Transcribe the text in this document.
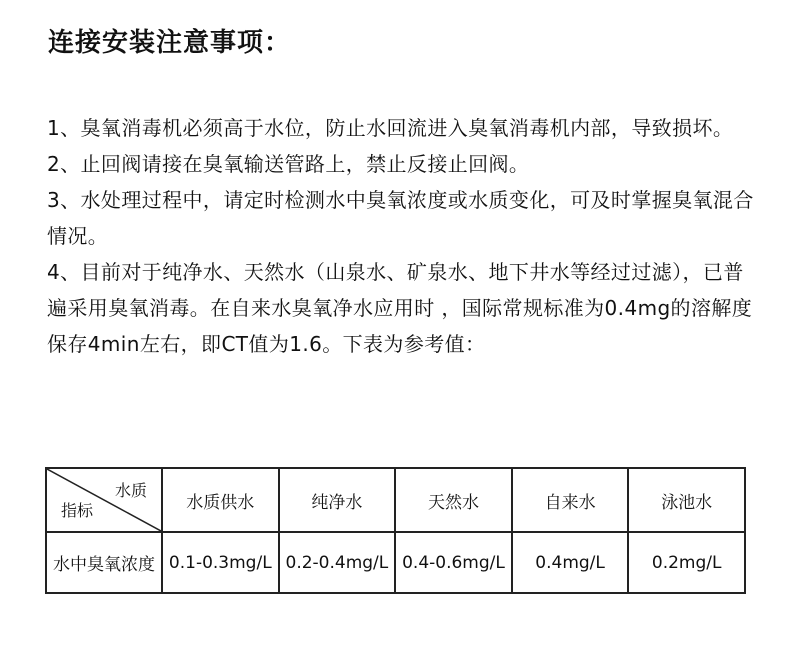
连接安装注意事项：
1、臭氧消毒机必须高于水位，防止水回流进入臭氧消毒机内部，导致损坏。
2、止回阀请接在臭氧输送管路上，禁止反接止回阀。
3、水处理过程中，请定时检测水中臭氧浓度或水质变化，可及时掌握臭氧混合情况。
4、目前对于纯净水、天然水（山泉水、矿泉水、地下井水等经过过滤），已普遍采用臭氧消毒。在自来水臭氧净水应用时 ，国际常规标准为0.4mg的溶解度保存4min左右，即CT值为1.6。下表为参考值：
水质
指标	水质供水	纯净水	天然水	自来水	泳池水
水中臭氧浓度	0.1-0.3mg/L	0.2-0.4mg/L	0.4-0.6mg/L	0.4mg/L	0.2mg/L
